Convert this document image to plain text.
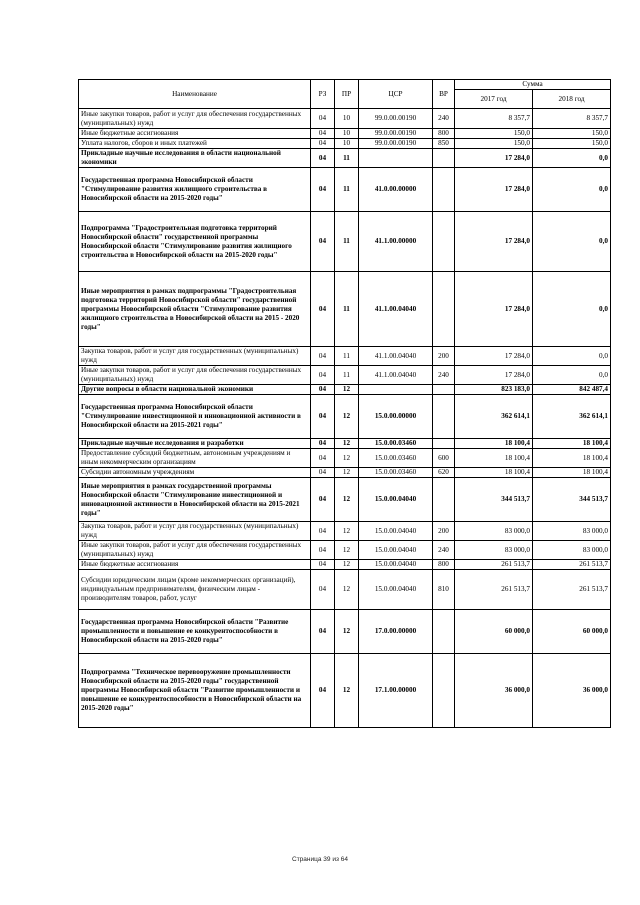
Наименование	РЗ	ПР	ЦСР	ВР	Сумма	
					2017 год	2018 год
Иные закупки товаров, работ и услуг для обеспечения государственных (муниципальных) нужд	04	10	99.0.00.00190	240	8 357,7	8 357,7
Иные бюджетные ассигнования	04	10	99.0.00.00190	800	150,0	150,0
Уплата налогов, сборов и иных платежей	04	10	99.0.00.00190	850	150,0	150,0
Прикладные научные исследования в области национальной экономики	04	11			17 284,0	0,0
Государственная программа Новосибирской области "Стимулирование развития жилищного строительства в Новосибирской области на 2015-2020 годы"	04	11	41.0.00.00000		17 284,0	0,0
Подпрограмма "Градостроительная подготовка территорий Новосибирской области" государственной программы Новосибирской области "Стимулирование развития жилищного строительства в Новосибирской области на 2015-2020 годы"	04	11	41.1.00.00000		17 284,0	0,0
Иные мероприятия в рамках подпрограммы "Градостроительная подготовка территорий Новосибирской области" государственной программы Новосибирской области "Стимулирование развития жилищного строительства в Новосибирской области на 2015 - 2020 годы"	04	11	41.1.00.04040		17 284,0	0,0
Закупка товаров, работ и услуг для государственных (муниципальных) нужд	04	11	41.1.00.04040	200	17 284,0	0,0
Иные закупки товаров, работ и услуг для обеспечения государственных (муниципальных) нужд	04	11	41.1.00.04040	240	17 284,0	0,0
Другие вопросы в области национальной экономики	04	12			823 183,0	842 487,4
Государственная программа Новосибирской области "Стимулирование инвестиционной и инновационной активности в Новосибирской области на 2015-2021 годы"	04	12	15.0.00.00000		362 614,1	362 614,1
Прикладные научные исследования и разработки	04	12	15.0.00.03460		18 100,4	18 100,4
Предоставление субсидий бюджетным, автономным учреждениям и иным некоммерческим организациям	04	12	15.0.00.03460	600	18 100,4	18 100,4
Субсидии автономным учреждениям	04	12	15.0.00.03460	620	18 100,4	18 100,4
Иные мероприятия в рамках государственной программы Новосибирской области "Стимулирование инвестиционной и инновационной активности в Новосибирской области на 2015-2021 годы"	04	12	15.0.00.04040		344 513,7	344 513,7
Закупка товаров, работ и услуг для государственных (муниципальных) нужд	04	12	15.0.00.04040	200	83 000,0	83 000,0
Иные закупки товаров, работ и услуг для обеспечения государственных (муниципальных) нужд	04	12	15.0.00.04040	240	83 000,0	83 000,0
Иные бюджетные ассигнования	04	12	15.0.00.04040	800	261 513,7	261 513,7
Субсидии юридическим лицам (кроме некоммерческих организаций), индивидуальным предпринимателям, физическим лицам - производителям товаров, работ, услуг	04	12	15.0.00.04040	810	261 513,7	261 513,7
Государственная программа Новосибирской области "Развитие промышленности и повышение ее конкурентоспособности в Новосибирской области на 2015-2020 годы"	04	12	17.0.00.00000		60 000,0	60 000,0
Подпрограмма "Техническое перевооружение промышленности Новосибирской области на 2015-2020 годы" государственной программы Новосибирской области "Развитие промышленности и повышение ее конкурентоспособности в Новосибирской области на 2015-2020 годы"	04	12	17.1.00.00000		36 000,0	36 000,0
Страница 39 из 64
